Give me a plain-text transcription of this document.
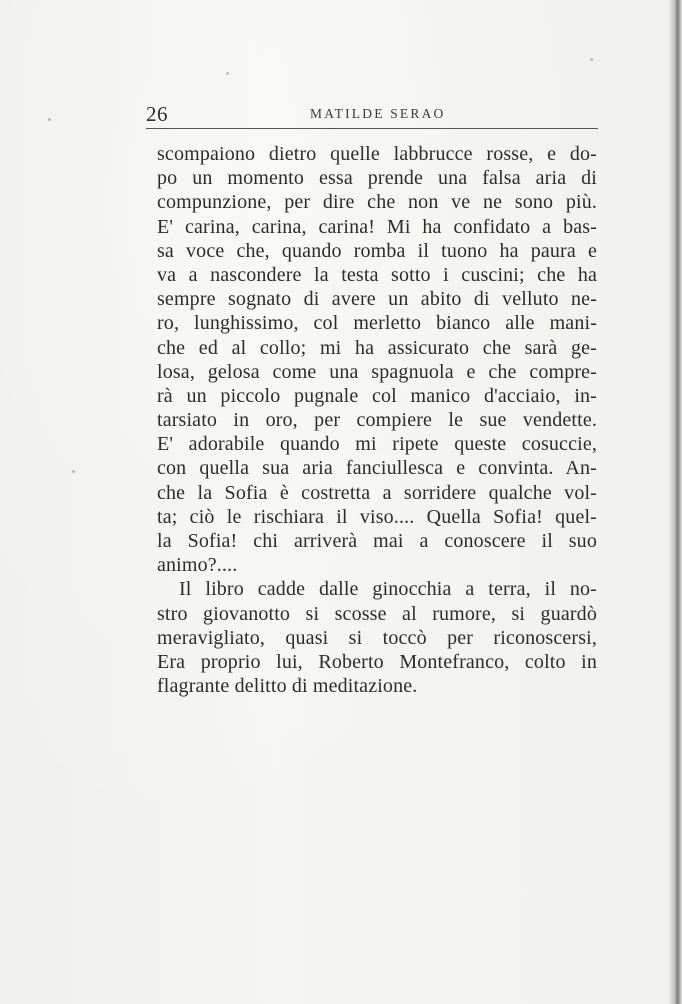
26	MATILDE SERAO
scompaiono dietro quelle labbrucce rosse, e do-
po un momento essa prende una falsa aria di
compunzione, per dire che non ve ne sono più.
E' carina, carina, carina! Mi ha confidato a bas-
sa voce che, quando romba il tuono ha paura e
va a nascondere la testa sotto i cuscini; che ha
sempre sognato di avere un abito di velluto ne-
ro, lunghissimo, col merletto bianco alle mani-
che ed al collo; mi ha assicurato che sarà ge-
losa, gelosa come una spagnuola e che compre-
rà un piccolo pugnale col manico d'acciaio, in-
tarsiato in oro, per compiere le sue vendette.
E' adorabile quando mi ripete queste cosuccie,
con quella sua aria fanciullesca e convinta. An-
che la Sofia è costretta a sorridere qualche vol-
ta; ciò le rischiara il viso.... Quella Sofia! quel-
la Sofia! chi arriverà mai a conoscere il suo
animo?....
Il libro cadde dalle ginocchia a terra, il no-
stro giovanotto si scosse al rumore, si guardò
meravigliato, quasi si toccò per riconoscersi,
Era proprio lui, Roberto Montefranco, colto in
flagrante delitto di meditazione.
